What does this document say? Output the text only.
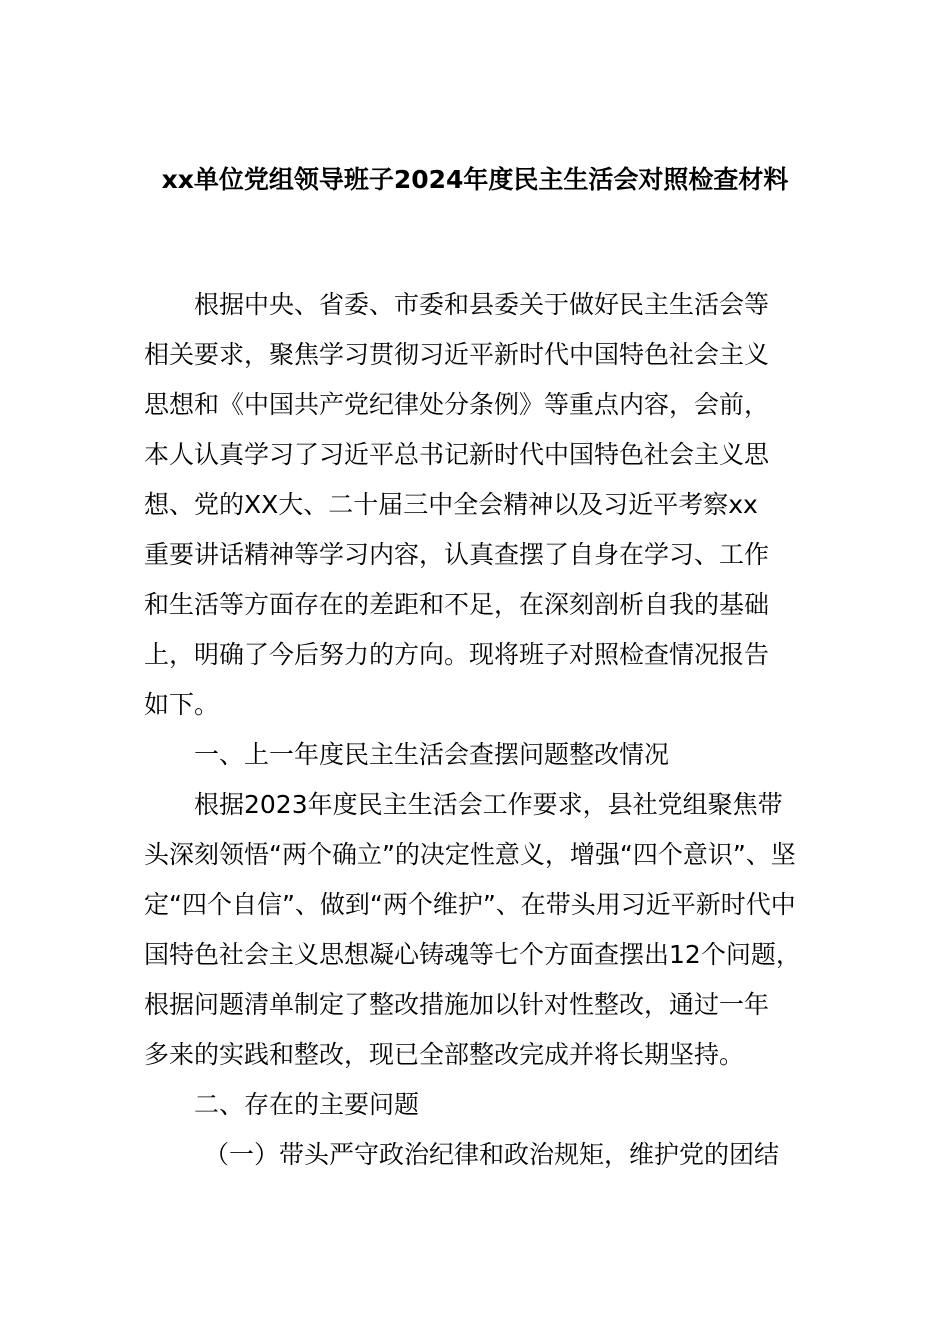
xx单位党组领导班子2024年度民主生活会对照检查材料
根据中央、省委、市委和县委关于做好民主生活会等
相关要求，聚焦学习贯彻习近平新时代中国特色社会主义
思想和《中国共产党纪律处分条例》等重点内容，会前，
本人认真学习了习近平总书记新时代中国特色社会主义思
想、党的XX大、二十届三中全会精神以及习近平考察xx
重要讲话精神等学习内容，认真查摆了自身在学习、工作
和生活等方面存在的差距和不足，在深刻剖析自我的基础
上，明确了今后努力的方向。现将班子对照检查情况报告
如下。
一、上一年度民主生活会查摆问题整改情况
根据2023年度民主生活会工作要求，县社党组聚焦带
头深刻领悟“两个确立”的决定性意义，增强“四个意识”、坚
定“四个自信”、做到“两个维护”、在带头用习近平新时代中
国特色社会主义思想凝心铸魂等七个方面查摆出12个问题，
根据问题清单制定了整改措施加以针对性整改，通过一年
多来的实践和整改，现已全部整改完成并将长期坚持。
二、存在的主要问题
（一）带头严守政治纪律和政治规矩，维护党的团结
